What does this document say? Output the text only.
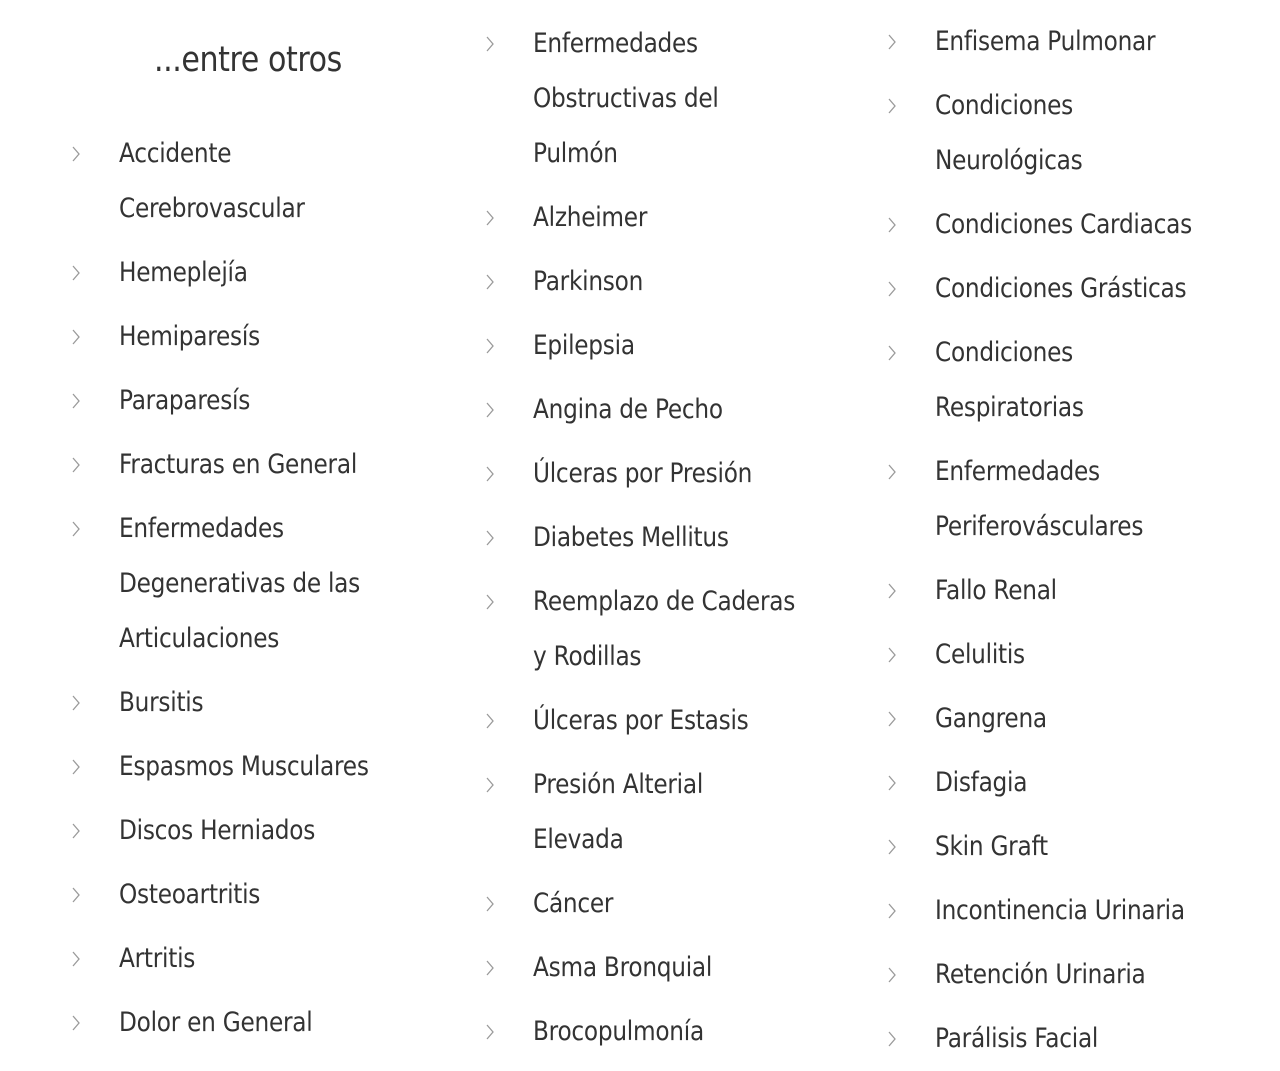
...entre otros
Accidente Cerebrovascular
Hemeplejía
Hemiparesís
Paraparesís
Fracturas en General
Enfermedades Degenerativas de las Articulaciones
Bursitis
Espasmos Musculares
Discos Herniados
Osteoartritis
Artritis
Dolor en General
Enfermedades Obstructivas del Pulmón
Alzheimer
Parkinson
Epilepsia
Angina de Pecho
Úlceras por Presión
Diabetes Mellitus
Reemplazo de Caderas y Rodillas
Úlceras por Estasis
Presión Alterial Elevada
Cáncer
Asma Bronquial
Brocopulmonía
Enfisema Pulmonar
Condiciones Neurológicas
Condiciones Cardiacas
Condiciones Grásticas
Condiciones Respiratorias
Enfermedades Periferovásculares
Fallo Renal
Celulitis
Gangrena
Disfagia
Skin Graft
Incontinencia Urinaria
Retención Urinaria
Parálisis Facial
